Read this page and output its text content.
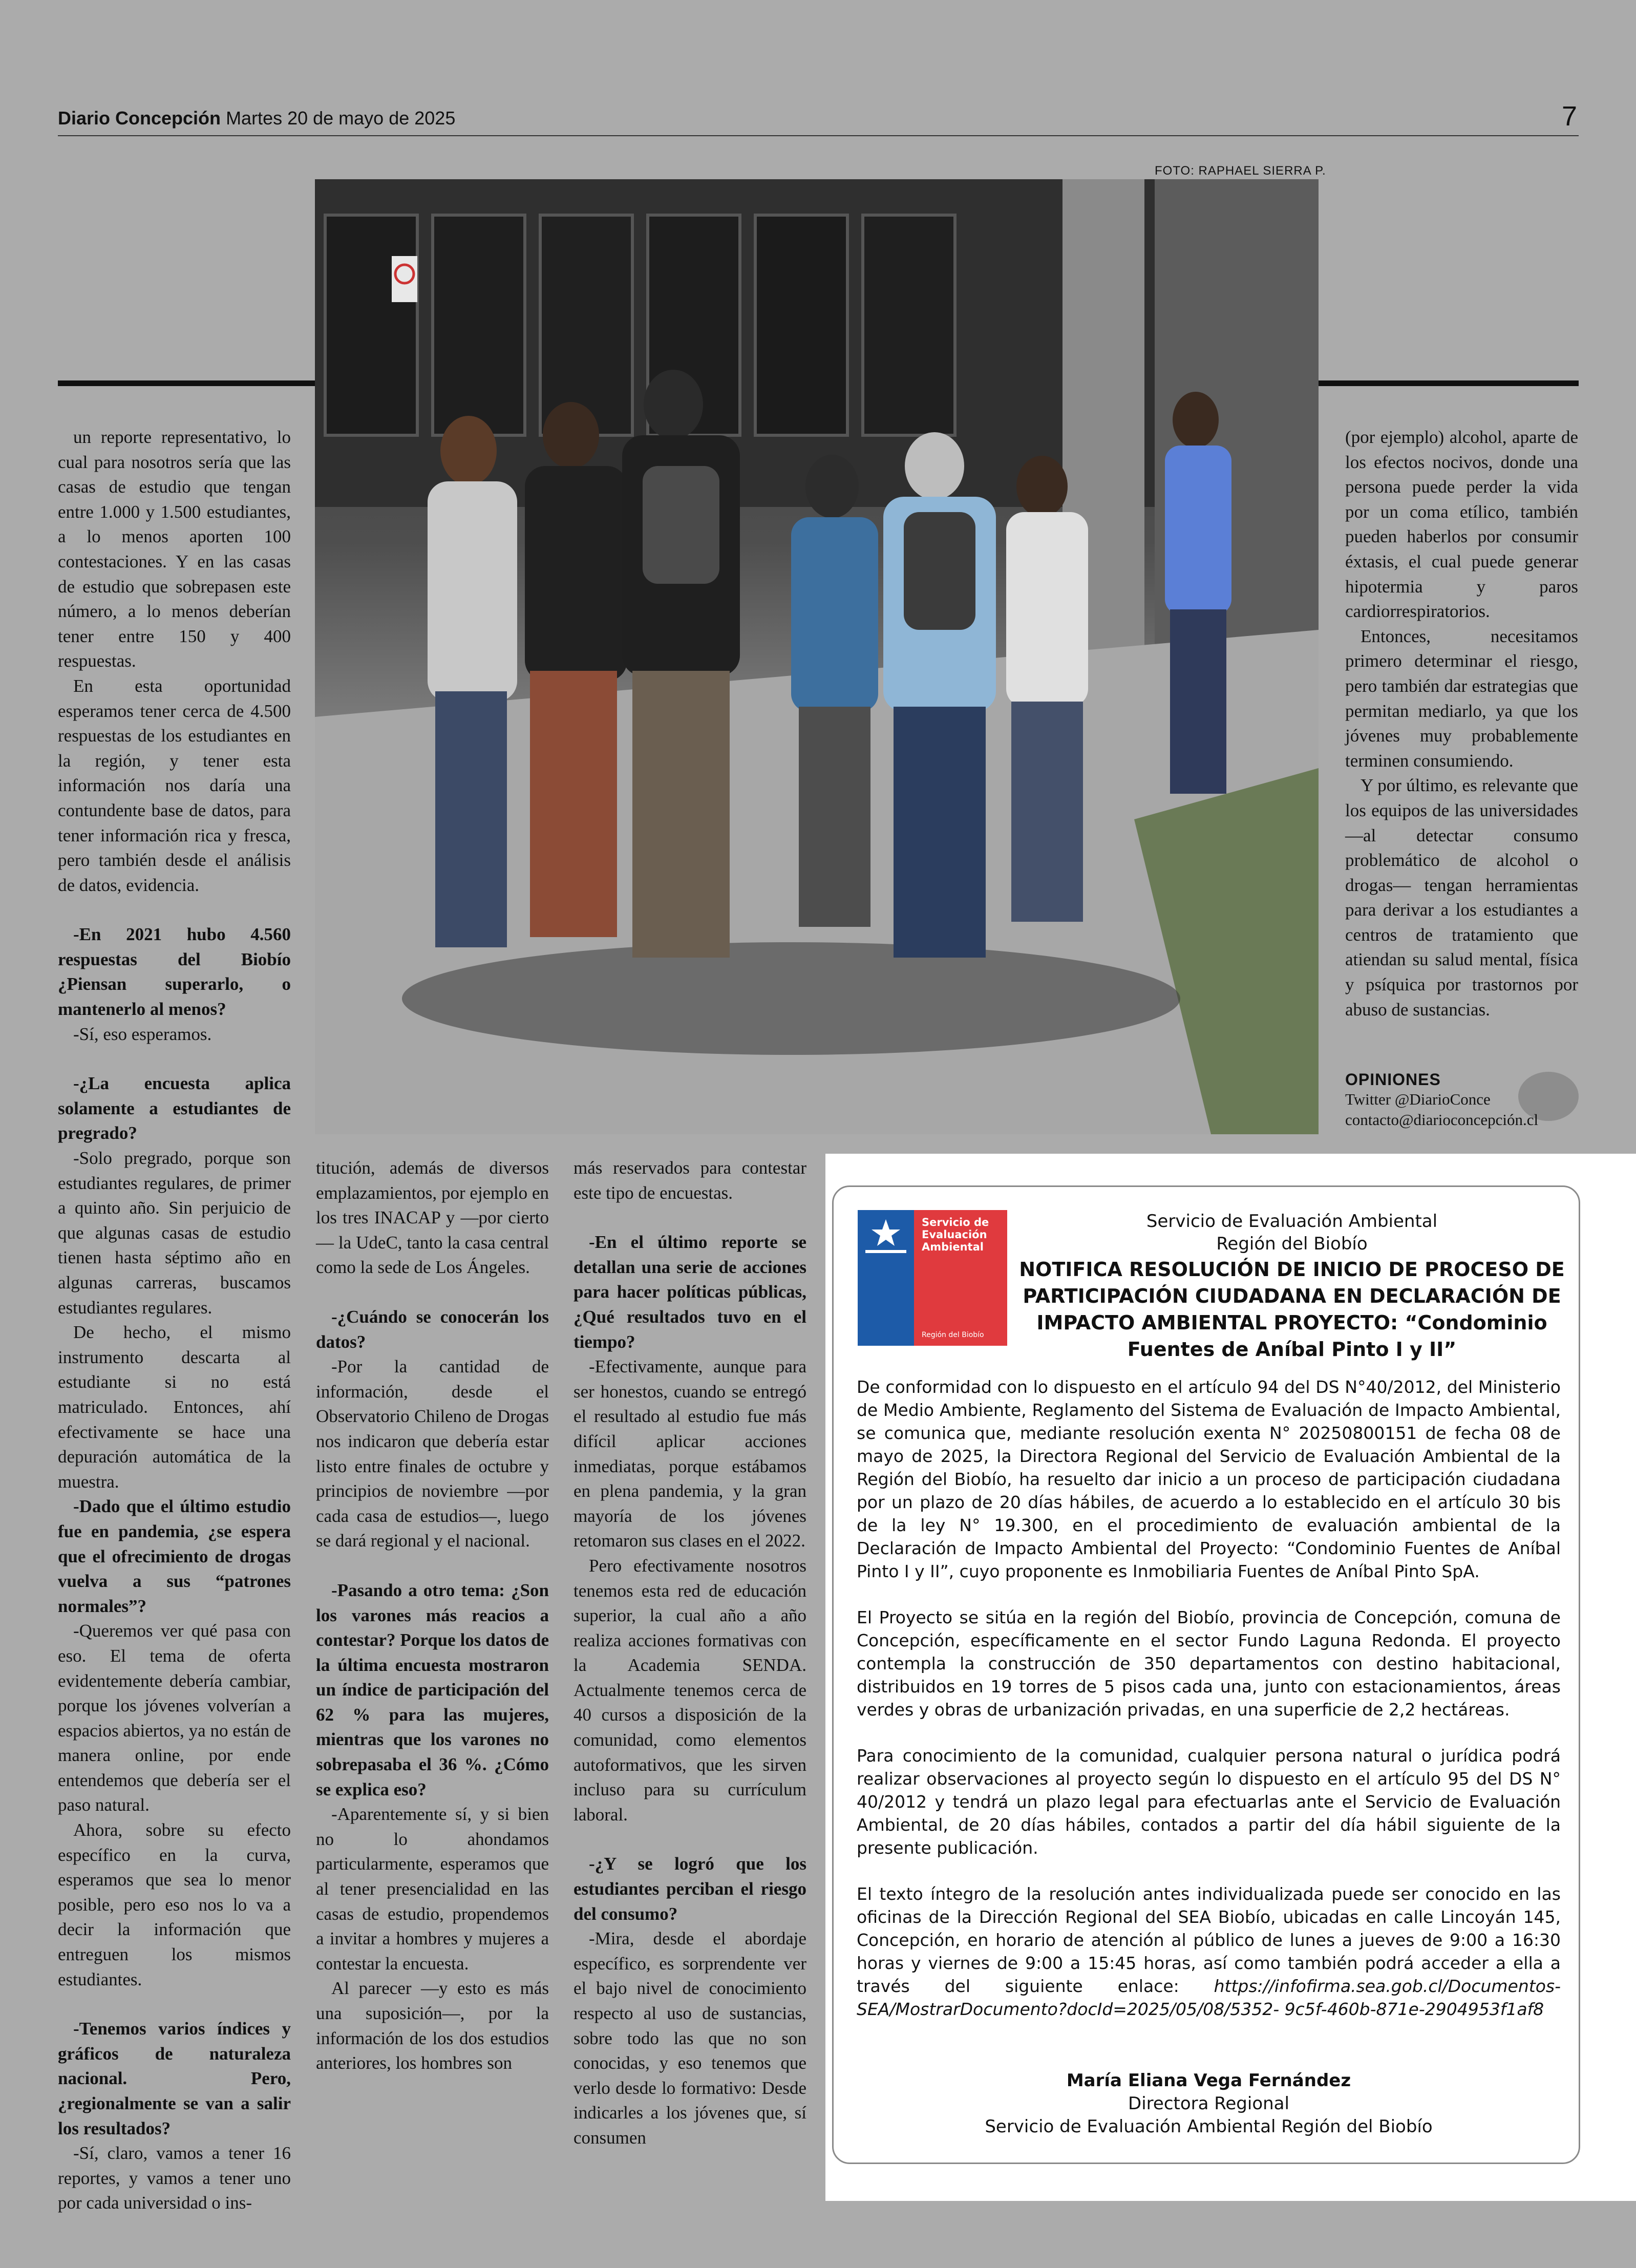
Diario Concepción Martes 20 de mayo de 2025	7
FOTO: RAPHAEL SIERRA P.

un reporte representativo, lo cual para nosotros sería que las casas de estudio que tengan entre 1.000 y 1.500 estudiantes, a lo menos aporten 100 contestaciones. Y en las casas de estudio que sobrepasen este número, a lo menos deberían tener entre 150 y 400 respuestas.

En esta oportunidad esperamos tener cerca de 4.500 respuestas de los estudiantes en la región, y tener esta información nos daría una contundente base de datos, para tener información rica y fresca, pero también desde el análisis de datos, evidencia.

-En 2021 hubo 4.560 respuestas del Biobío ¿Piensan superarlo, o mantenerlo al menos?

-Sí, eso esperamos.

-¿La encuesta aplica solamente a estudiantes de pregrado?

-Solo pregrado, porque son estudiantes regulares, de primer a quinto año. Sin perjuicio de que algunas casas de estudio tienen hasta séptimo año en algunas carreras, buscamos estudiantes regulares.

De hecho, el mismo instrumento descarta al estudiante si no está matriculado. Entonces, ahí efectivamente se hace una depuración automática de la muestra.

-Dado que el último estudio fue en pandemia, ¿se espera que el ofrecimiento de drogas vuelva a sus “patrones normales”?

-Queremos ver qué pasa con eso. El tema de oferta evidentemente debería cambiar, porque los jóvenes volverían a espacios abiertos, ya no están de manera online, por ende entendemos que debería ser el paso natural.

Ahora, sobre su efecto específico en la curva, esperamos que sea lo menor posible, pero eso nos lo va a decir la información que entreguen los mismos estudiantes.

-Tenemos varios índices y gráficos de naturaleza nacional. Pero, ¿regionalmente se van a salir los resultados?

-Sí, claro, vamos a tener 16 reportes, y vamos a tener uno por cada universidad o ins-

titución, además de diversos emplazamientos, por ejemplo en los tres INACAP y —por cierto— la UdeC, tanto la casa central como la sede de Los Ángeles.

-¿Cuándo se conocerán los datos?

-Por la cantidad de información, desde el Observatorio Chileno de Drogas nos indicaron que debería estar listo entre finales de octubre y principios de noviembre —por cada casa de estudios—, luego se dará regional y el nacional.

-Pasando a otro tema: ¿Son los varones más reacios a contestar? Porque los datos de la última encuesta mostraron un índice de participación del 62 % para las mujeres, mientras que los varones no sobrepasaba el 36 %. ¿Cómo se explica eso?

-Aparentemente sí, y si bien no lo ahondamos particularmente, esperamos que al tener presencialidad en las casas de estudio, propendemos a invitar a hombres y mujeres a contestar la encuesta.

Al parecer —y esto es más una suposición—, por la información de los dos estudios anteriores, los hombres son

más reservados para contestar este tipo de encuestas.

-En el último reporte se detallan una serie de acciones para hacer políticas públicas, ¿Qué resultados tuvo en el tiempo?

-Efectivamente, aunque para ser honestos, cuando se entregó el resultado al estudio fue más difícil aplicar acciones inmediatas, porque estábamos en plena pandemia, y la gran mayoría de los jóvenes retomaron sus clases en el 2022.

Pero efectivamente nosotros tenemos esta red de educación superior, la cual año a año realiza acciones formativas con la Academia SENDA. Actualmente tenemos cerca de 40 cursos a disposición de la comunidad, como elementos autoformativos, que les sirven incluso para su currículum laboral.

-¿Y se logró que los estudiantes perciban el riesgo del consumo?

-Mira, desde el abordaje específico, es sorprendente ver el bajo nivel de conocimiento respecto al uso de sustancias, sobre todo las que no son conocidas, y eso tenemos que verlo desde lo formativo: Desde indicarles a los jóvenes que, sí consumen

(por ejemplo) alcohol, aparte de los efectos nocivos, donde una persona puede perder la vida por un coma etílico, también pueden haberlos por consumir éxtasis, el cual puede generar hipotermia y paros cardiorrespiratorios.

Entonces, necesitamos primero determinar el riesgo, pero también dar estrategias que permitan mediarlo, ya que los jóvenes muy probablemente terminen consumiendo.

Y por último, es relevante que los equipos de las universidades —al detectar consumo problemático de alcohol o drogas— tengan herramientas para derivar a los estudiantes a centros de tratamiento que atiendan su salud mental, física y psíquica por trastornos por abuso de sustancias.

OPINIONES
Twitter @DiarioConce
contacto@diarioconcepción.cl
Servicio de
Evaluación
Ambiental
Región del Biobío
Servicio de Evaluación Ambiental
Región del Biobío
NOTIFICA RESOLUCIÓN DE INICIO DE PROCESO DE PARTICIPACIÓN CIUDADANA EN DECLARACIÓN DE IMPACTO AMBIENTAL PROYECTO: “Condominio Fuentes de Aníbal Pinto I y II”

De conformidad con lo dispuesto en el artículo 94 del DS N°40/2012, del Ministerio de Medio Ambiente, Reglamento del Sistema de Evaluación de Impacto Ambiental, se comunica que, mediante resolución exenta N° 20250800151 de fecha 08 de mayo de 2025, la Directora Regional del Servicio de Evaluación Ambiental de la Región del Biobío, ha resuelto dar inicio a un proceso de participación ciudadana por un plazo de 20 días hábiles, de acuerdo a lo establecido en el artículo 30 bis de la ley N° 19.300, en el procedimiento de evaluación ambiental de la Declaración de Impacto Ambiental del Proyecto: “Condominio Fuentes de Aníbal Pinto I y II”, cuyo proponente es Inmobiliaria Fuentes de Aníbal Pinto SpA.

El Proyecto se sitúa en la región del Biobío, provincia de Concepción, comuna de Concepción, específicamente en el sector Fundo Laguna Redonda. El proyecto contempla la construcción de 350 departamentos con destino habitacional, distribuidos en 19 torres de 5 pisos cada una, junto con estacionamientos, áreas verdes y obras de urbanización privadas, en una superficie de 2,2 hectáreas.

Para conocimiento de la comunidad, cualquier persona natural o jurídica podrá realizar observaciones al proyecto según lo dispuesto en el artículo 95 del DS N° 40/2012 y tendrá un plazo legal para efectuarlas ante el Servicio de Evaluación Ambiental, de 20 días hábiles, contados a partir del día hábil siguiente de la presente publicación.

El texto íntegro de la resolución antes individualizada puede ser conocido en las oficinas de la Dirección Regional del SEA Biobío, ubicadas en calle Lincoyán 145, Concepción, en horario de atención al público de lunes a jueves de 9:00 a 16:30 horas y viernes de 9:00 a 15:45 horas, así como también podrá acceder a ella a través del siguiente enlace: https://infofirma.sea.gob.cl/Documentos-SEA/MostrarDocumento?docId=2025/05/08/5352- 9c5f-460b-871e-2904953f1af8

María Eliana Vega Fernández
Directora Regional
Servicio de Evaluación Ambiental Región del Biobío
